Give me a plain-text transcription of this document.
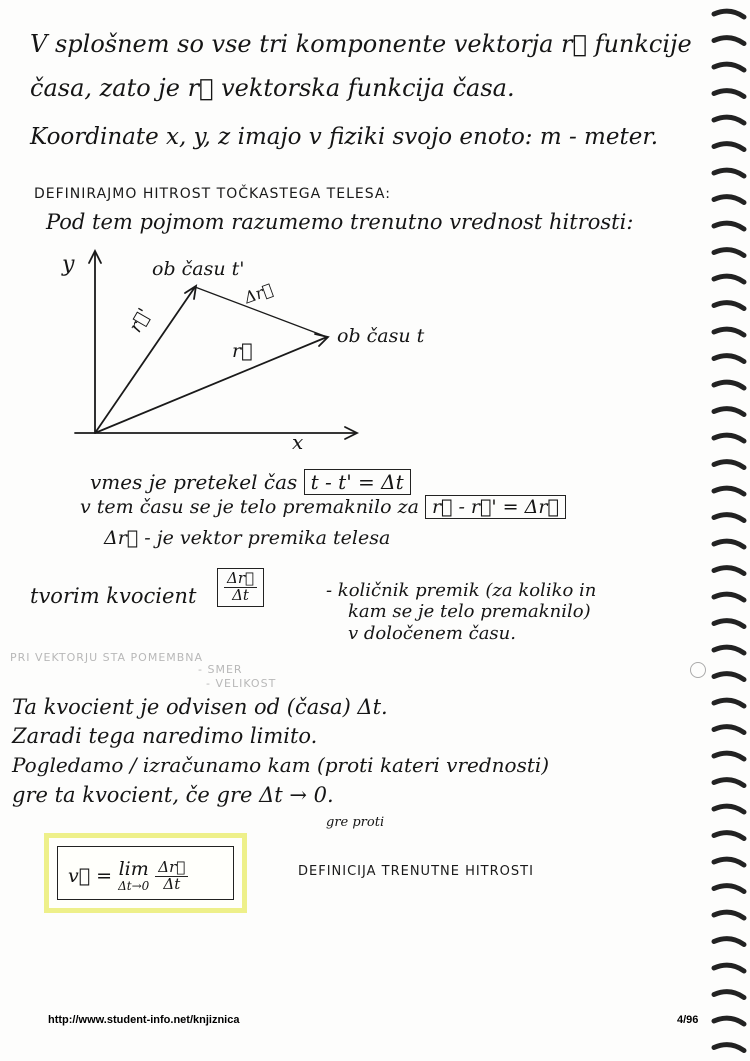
V splošnem so vse tri komponente vektorja r⃗ funkcije
časa, zato je r⃗ vektorska funkcija časa.
Koordinate x, y, z imajo v fiziki svojo enoto: m - meter.
DEFINIRAJMO HITROST TOČKASTEGA TELESA:
Pod tem pojmom razumemo trenutno vrednost hitrosti:
y
x
ob času t'
ob času t
r⃗'
r⃗
Δr⃗
vmes je pretekel čas t - t' = Δt
v tem času se je telo premaknilo za r⃗ - r⃗' = Δr⃗
Δr⃗ - je vektor premika telesa
tvorim kvocient $\frac{\Delta r⃗}{\Delta t}$	- količnik premik (za koliko in
kam se je telo premaknilo)
v določenem času.
PRI VEKTORJU STA POMEMBNA
- SMER
- VELIKOST
Ta kvocient je odvisen od (časa) Δt.
Zaradi tega naredimo limito.
Pogledamo / izračunamo kam (proti kateri vrednosti)
gre ta kvocient, če gre Δt → 0.
gre proti
v⃗ = lim
$\Delta t\to 0 \frac{\Delta r⃗}{\Delta t}$	DEFINICIJA TRENUTNE HITROSTI
http://www.student-info.net/knjiznica	4/96
